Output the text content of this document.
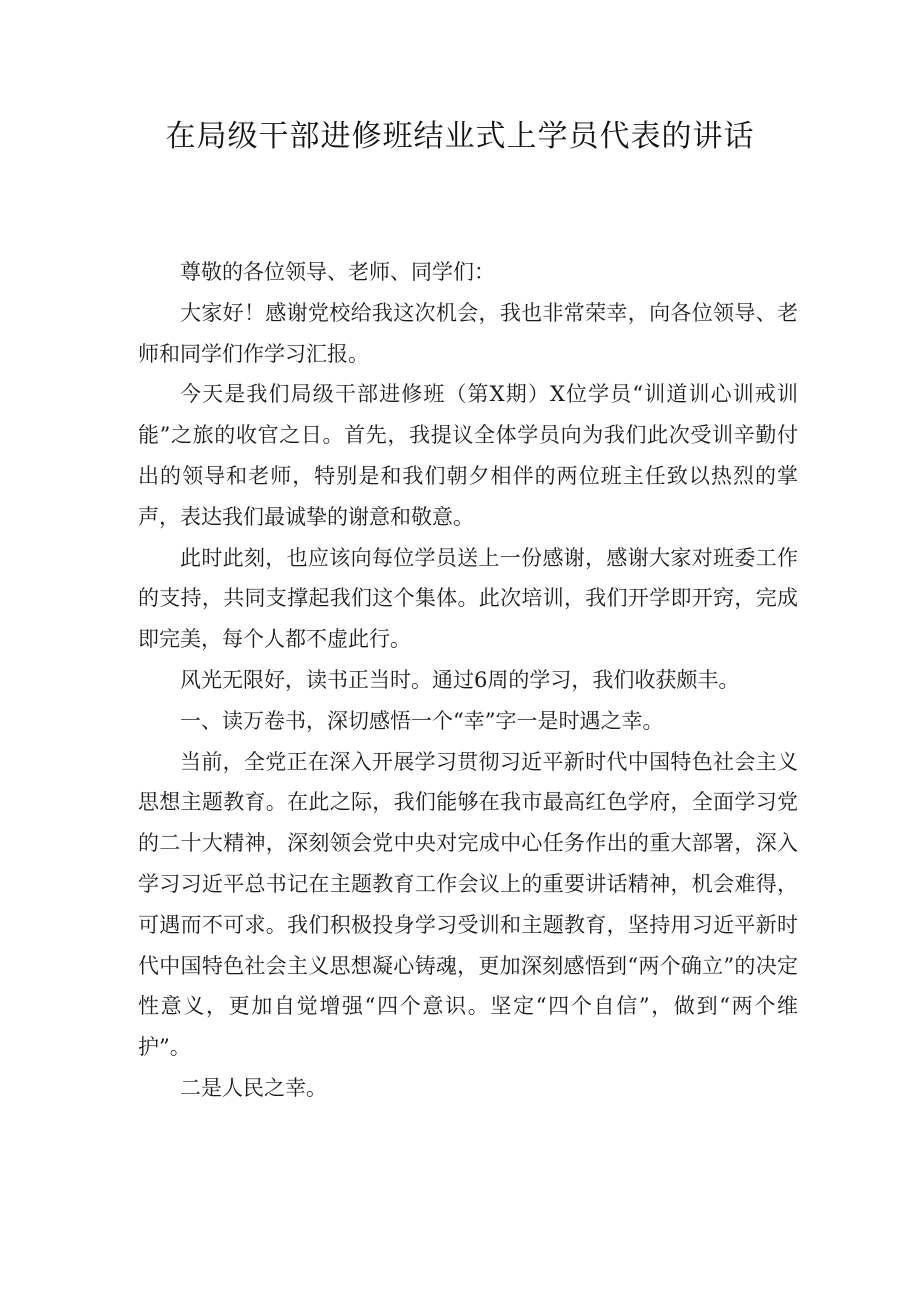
在局级干部进修班结业式上学员代表的讲话

尊敬的各位领导、老师、同学们：

大家好！感谢党校给我这次机会，我也非常荣幸，向各位领导、老师和同学们作学习汇报。

今天是我们局级干部进修班（第X期）X位学员“训道训心训戒训能”之旅的收官之日。首先，我提议全体学员向为我们此次受训辛勤付出的领导和老师，特别是和我们朝夕相伴的两位班主任致以热烈的掌声，表达我们最诚挚的谢意和敬意。

此时此刻，也应该向每位学员送上一份感谢，感谢大家对班委工作的支持，共同支撑起我们这个集体。此次培训，我们开学即开窍，完成即完美，每个人都不虚此行。

风光无限好，读书正当时。通过6周的学习，我们收获颇丰。

一、读万卷书，深切感悟一个“幸”字一是时遇之幸。

当前，全党正在深入开展学习贯彻习近平新时代中国特色社会主义思想主题教育。在此之际，我们能够在我市最高红色学府，全面学习党的二十大精神，深刻领会党中央对完成中心任务作出的重大部署，深入学习习近平总书记在主题教育工作会议上的重要讲话精神，机会难得，可遇而不可求。我们积极投身学习受训和主题教育，坚持用习近平新时代中国特色社会主义思想凝心铸魂，更加深刻感悟到“两个确立”的决定性意义，更加自觉增强“四个意识。坚定“四个自信”，做到“两个维护”。

二是人民之幸。
